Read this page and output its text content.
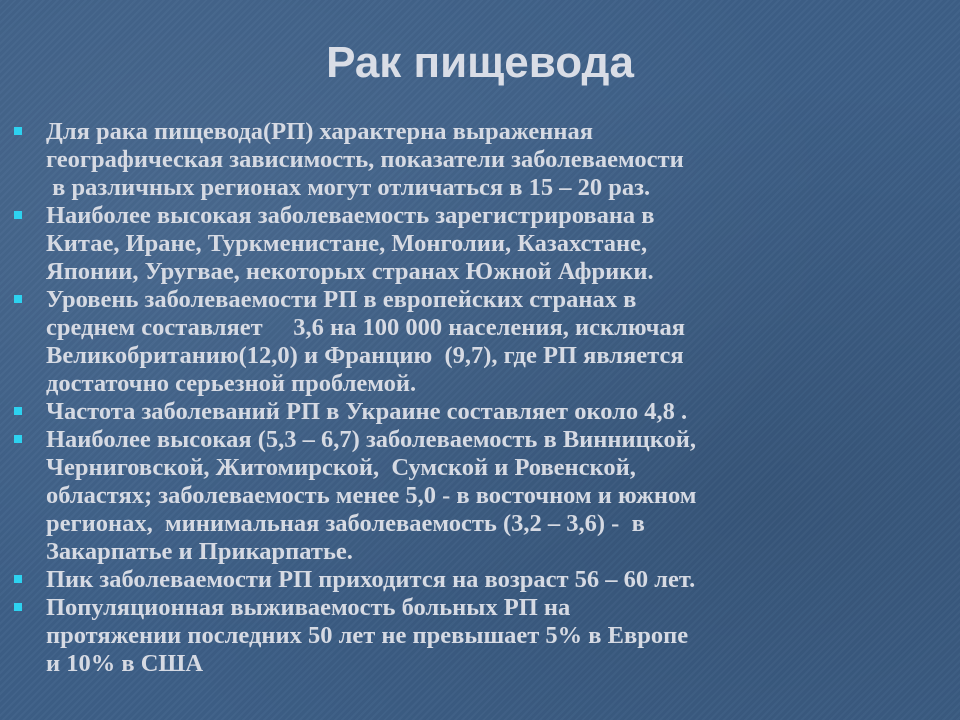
Рак пищевода
Для рака пищевода(РП) характерна выраженная
географическая зависимость, показатели заболеваемости
в различных регионах могут отличаться в 15 – 20 раз.
Наиболее высокая заболеваемость зарегистрирована в
Китае, Иране, Туркменистане, Монголии, Казахстане,
Японии, Уругвае, некоторых странах Южной Африки.
Уровень заболеваемости РП в европейских странах в
среднем составляет     3,6 на 100 000 населения, исключая
Великобританию(12,0) и Францию  (9,7), где РП является
достаточно серьезной проблемой.
Частота заболеваний РП в Украине составляет около 4,8 .
Наиболее высокая (5,3 – 6,7) заболеваемость в Винницкой,
Черниговской, Житомирской,  Сумской и Ровенской,
областях; заболеваемость менее 5,0 - в восточном и южном
регионах,  минимальная заболеваемость (3,2 – 3,6) -  в
Закарпатье и Прикарпатье.
Пик заболеваемости РП приходится на возраст 56 – 60 лет.
Популяционная выживаемость больных РП на
протяжении последних 50 лет не превышает 5% в Европе
и 10% в США
